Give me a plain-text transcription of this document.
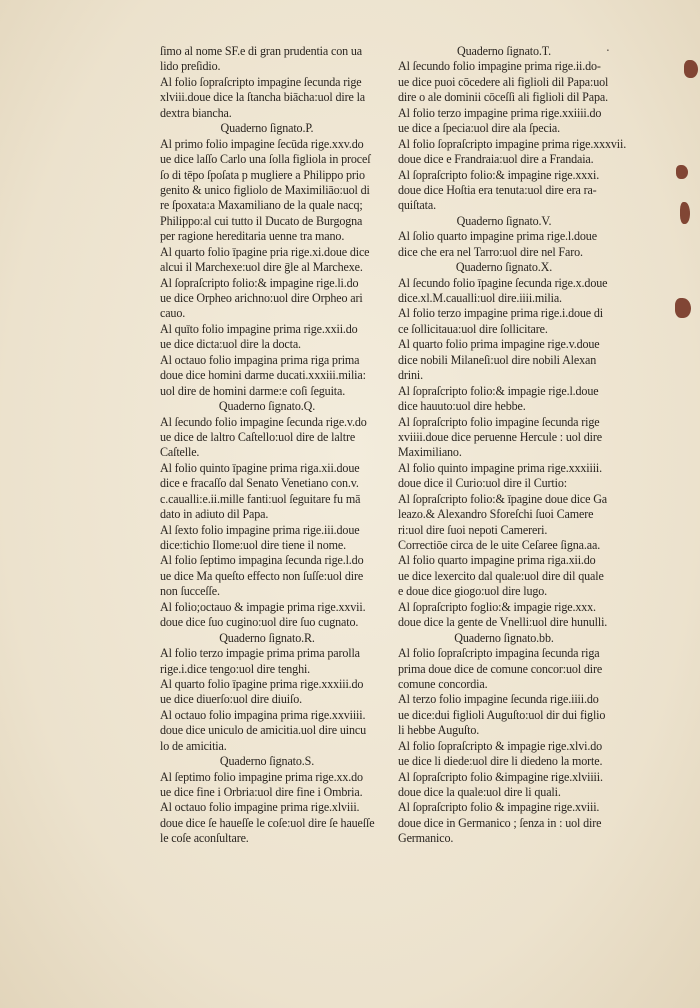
⋅
ſimo al nome SF.e di gran prudentia con ua
lido preſidio.
Al folio ſopraſcripto impagine ſecunda rige
xlviii.doue dice la ſtancha biācha:uol dire la
dextra biancha.
Quaderno ſignato.P.
Al primo folio impagine ſecūda rige.xxv.do
ue dice laſſo Carlo una ſolla figliola in proceſ
ſo di tēpo ſpoſata p mugliere a Philippo prio
genito & unico figliolo de Maximiliāo:uol di
re ſpoxata:a Maxamiliano de la quale nacq;
Philippo:al cui tutto il Ducato de Burgogna
per ragione hereditaria uenne tra mano.
Al quarto folio īpagine pria rige.xi.doue dice
alcui il Marchexe:uol dire ḡle al Marchexe.
Al ſopraſcripto folio:& impagine rige.li.do
ue dice Orpheo arichno:uol dire Orpheo ari
cauo.
Al quīto folio impagine prima rige.xxii.do
ue dice dicta:uol dire la docta.
Al octauo folio impagina prima riga prima
doue dice homini darme ducati.xxxiii.milia:
uol dire de homini darme:e coſi ſeguita.
Quaderno ſignato.Q.
Al ſecundo folio impagine ſecunda rige.v.do
ue dice de laltro Caſtello:uol dire de laltre
Caſtelle.
Al folio quinto īpagine prima riga.xii.doue
dice e fracaſſo dal Senato Venetiano con.v.
c.caualli:e.ii.mille fanti:uol ſeguitare fu mā
dato in adiuto dil Papa.
Al ſexto folio impagine prima rige.iii.doue
dice:tichio Ilome:uol dire tiene il nome.
Al folio ſeptimo impagina ſecunda rige.l.do
ue dice Ma queſto effecto non ſuſſe:uol dire
non ſucceſſe.
Al folio;octauo & impagie prima rige.xxvii.
doue dice ſuo cugino:uol dire ſuo cugnato.
Quaderno ſignato.R.
Al folio terzo impagie prima prima parolla
rige.i.dice tengo:uol dire tenghi.
Al quarto folio īpagine prima rige.xxxiii.do
ue dice diuerſo:uol dire diuiſo.
Al octauo folio impagina prima rige.xxviiii.
doue dice uniculo de amicitia.uol dire uincu
lo de amicitia.
Quaderno ſignato.S.
Al ſeptimo folio impagine prima rige.xx.do
ue dice fine i Orbria:uol dire fine i Ombria.
Al octauo folio impagine prima rige.xlviii.
doue dice ſe haueſſe le coſe:uol dire ſe haueſſe
le coſe aconſultare.
Quaderno ſignato.T.
Al ſecundo folio impagine prima rige.ii.do-
ue dice puoi cōcedere ali figlioli dil Papa:uol
dire o ale dominii cōceſſi ali figlioli dil Papa.
Al folio terzo impagine prima rige.xxiiii.do
ue dice a ſpecia:uol dire ala ſpecia.
Al folio ſopraſcripto impagine prima rige.xxxvii.
doue dice e Frandraia:uol dire a Frandaia.
Al ſopraſcripto folio:& impagine rige.xxxi.
doue dice Hoſtia era tenuta:uol dire era ra-
quiſtata.
Quaderno ſignato.V.
Al ſolio quarto impagine prima rige.l.doue
dice che era nel Tarro:uol dire nel Faro.
Quaderno ſignato.X.
Al ſecundo folio īpagine ſecunda rige.x.doue
dice.xl.M.caualli:uol dire.iiii.milia.
Al folio terzo impagine prima rige.i.doue di
ce ſollicitaua:uol dire ſollicitare.
Al quarto folio prima impagine rige.v.doue
dice nobili Milaneſi:uol dire nobili Alexan
drini.
Al ſopraſcripto folio:& impagie rige.l.doue
dice hauuto:uol dire hebbe.
Al ſopraſcripto folio impagine ſecunda rige
xviiii.doue dice peruenne Hercule : uol dire
Maximiliano.
Al folio quinto impagine prima rige.xxxiiii.
doue dice il Curio:uol dire il Curtio:
Al ſopraſcripto folio:& īpagine doue dice Ga
leazo.& Alexandro Sforeſchi ſuoi Camere
ri:uol dire ſuoi nepoti Camereri.
Correctiōe circa de le uite Ceſaree ſigna.aa.
Al folio quarto impagine prima riga.xii.do
ue dice lexercito dal quale:uol dire dil quale
e doue dice giogo:uol dire lugo.
Al ſopraſcripto foglio:& impagie rige.xxx.
doue dice la gente de Vnelli:uol dire hunulli.
Quaderno ſignato.bb.
Al folio ſopraſcripto impagina ſecunda riga
prima doue dice de comune concor:uol dire
comune concordia.
Al terzo folio impagine ſecunda rige.iiii.do
ue dice:dui figlioli Auguſto:uol dir dui figlio
li hebbe Auguſto.
Al folio ſopraſcripto & impagie rige.xlvi.do
ue dice li diede:uol dire li diedeno la morte.
Al ſopraſcripto folio &impagine rige.xlviiii.
doue dice la quale:uol dire li quali.
Al ſopraſcripto folio & impagine rige.xviii.
doue dice in Germanico ; ſenza in : uol dire
Germanico.
